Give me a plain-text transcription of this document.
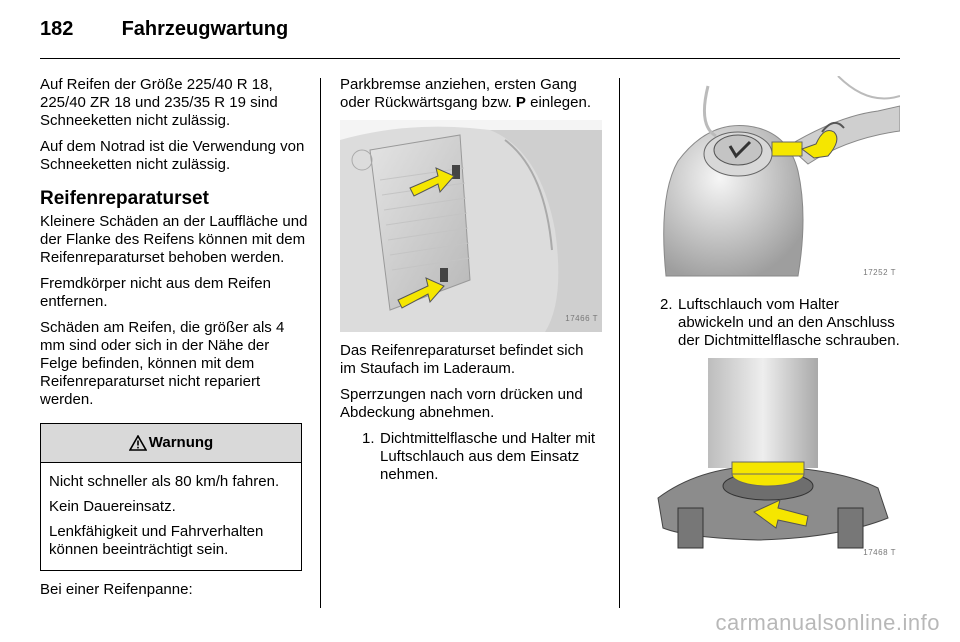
182 Fahrzeugwartung

Auf Reifen der Größe 225/40 R 18, 225/40 ZR 18 und 235/35 R 19 sind Schneeketten nicht zulässig.

Auf dem Notrad ist die Verwendung von Schneeketten nicht zulässig.

Reifenreparaturset

Kleinere Schäden an der Lauffläche und der Flanke des Reifens können mit dem Reifenreparaturset behoben werden.

Fremdkörper nicht aus dem Reifen entfernen.

Schäden am Reifen, die größer als 4 mm sind oder sich in der Nähe der Felge befinden, können mit dem Reifenreparaturset nicht repariert werden.

Warnung

Nicht schneller als 80 km/h fahren.

Kein Dauereinsatz.

Lenkfähigkeit und Fahrverhalten können beeinträchtigt sein.

Bei einer Reifenpanne:

Parkbremse anziehen, ersten Gang oder Rückwärtsgang bzw. P einlegen.

17466 T

Das Reifenreparaturset befindet sich im Staufach im Laderaum.

Sperrzungen nach vorn drücken und Abdeckung abnehmen.

1. Dichtmittelflasche und Halter mit Luftschlauch aus dem Einsatz nehmen.
17252 T
2. Luftschlauch vom Halter abwickeln und an den Anschluss der Dichtmittelflasche schrauben.
17468 T
carmanualsonline.info
